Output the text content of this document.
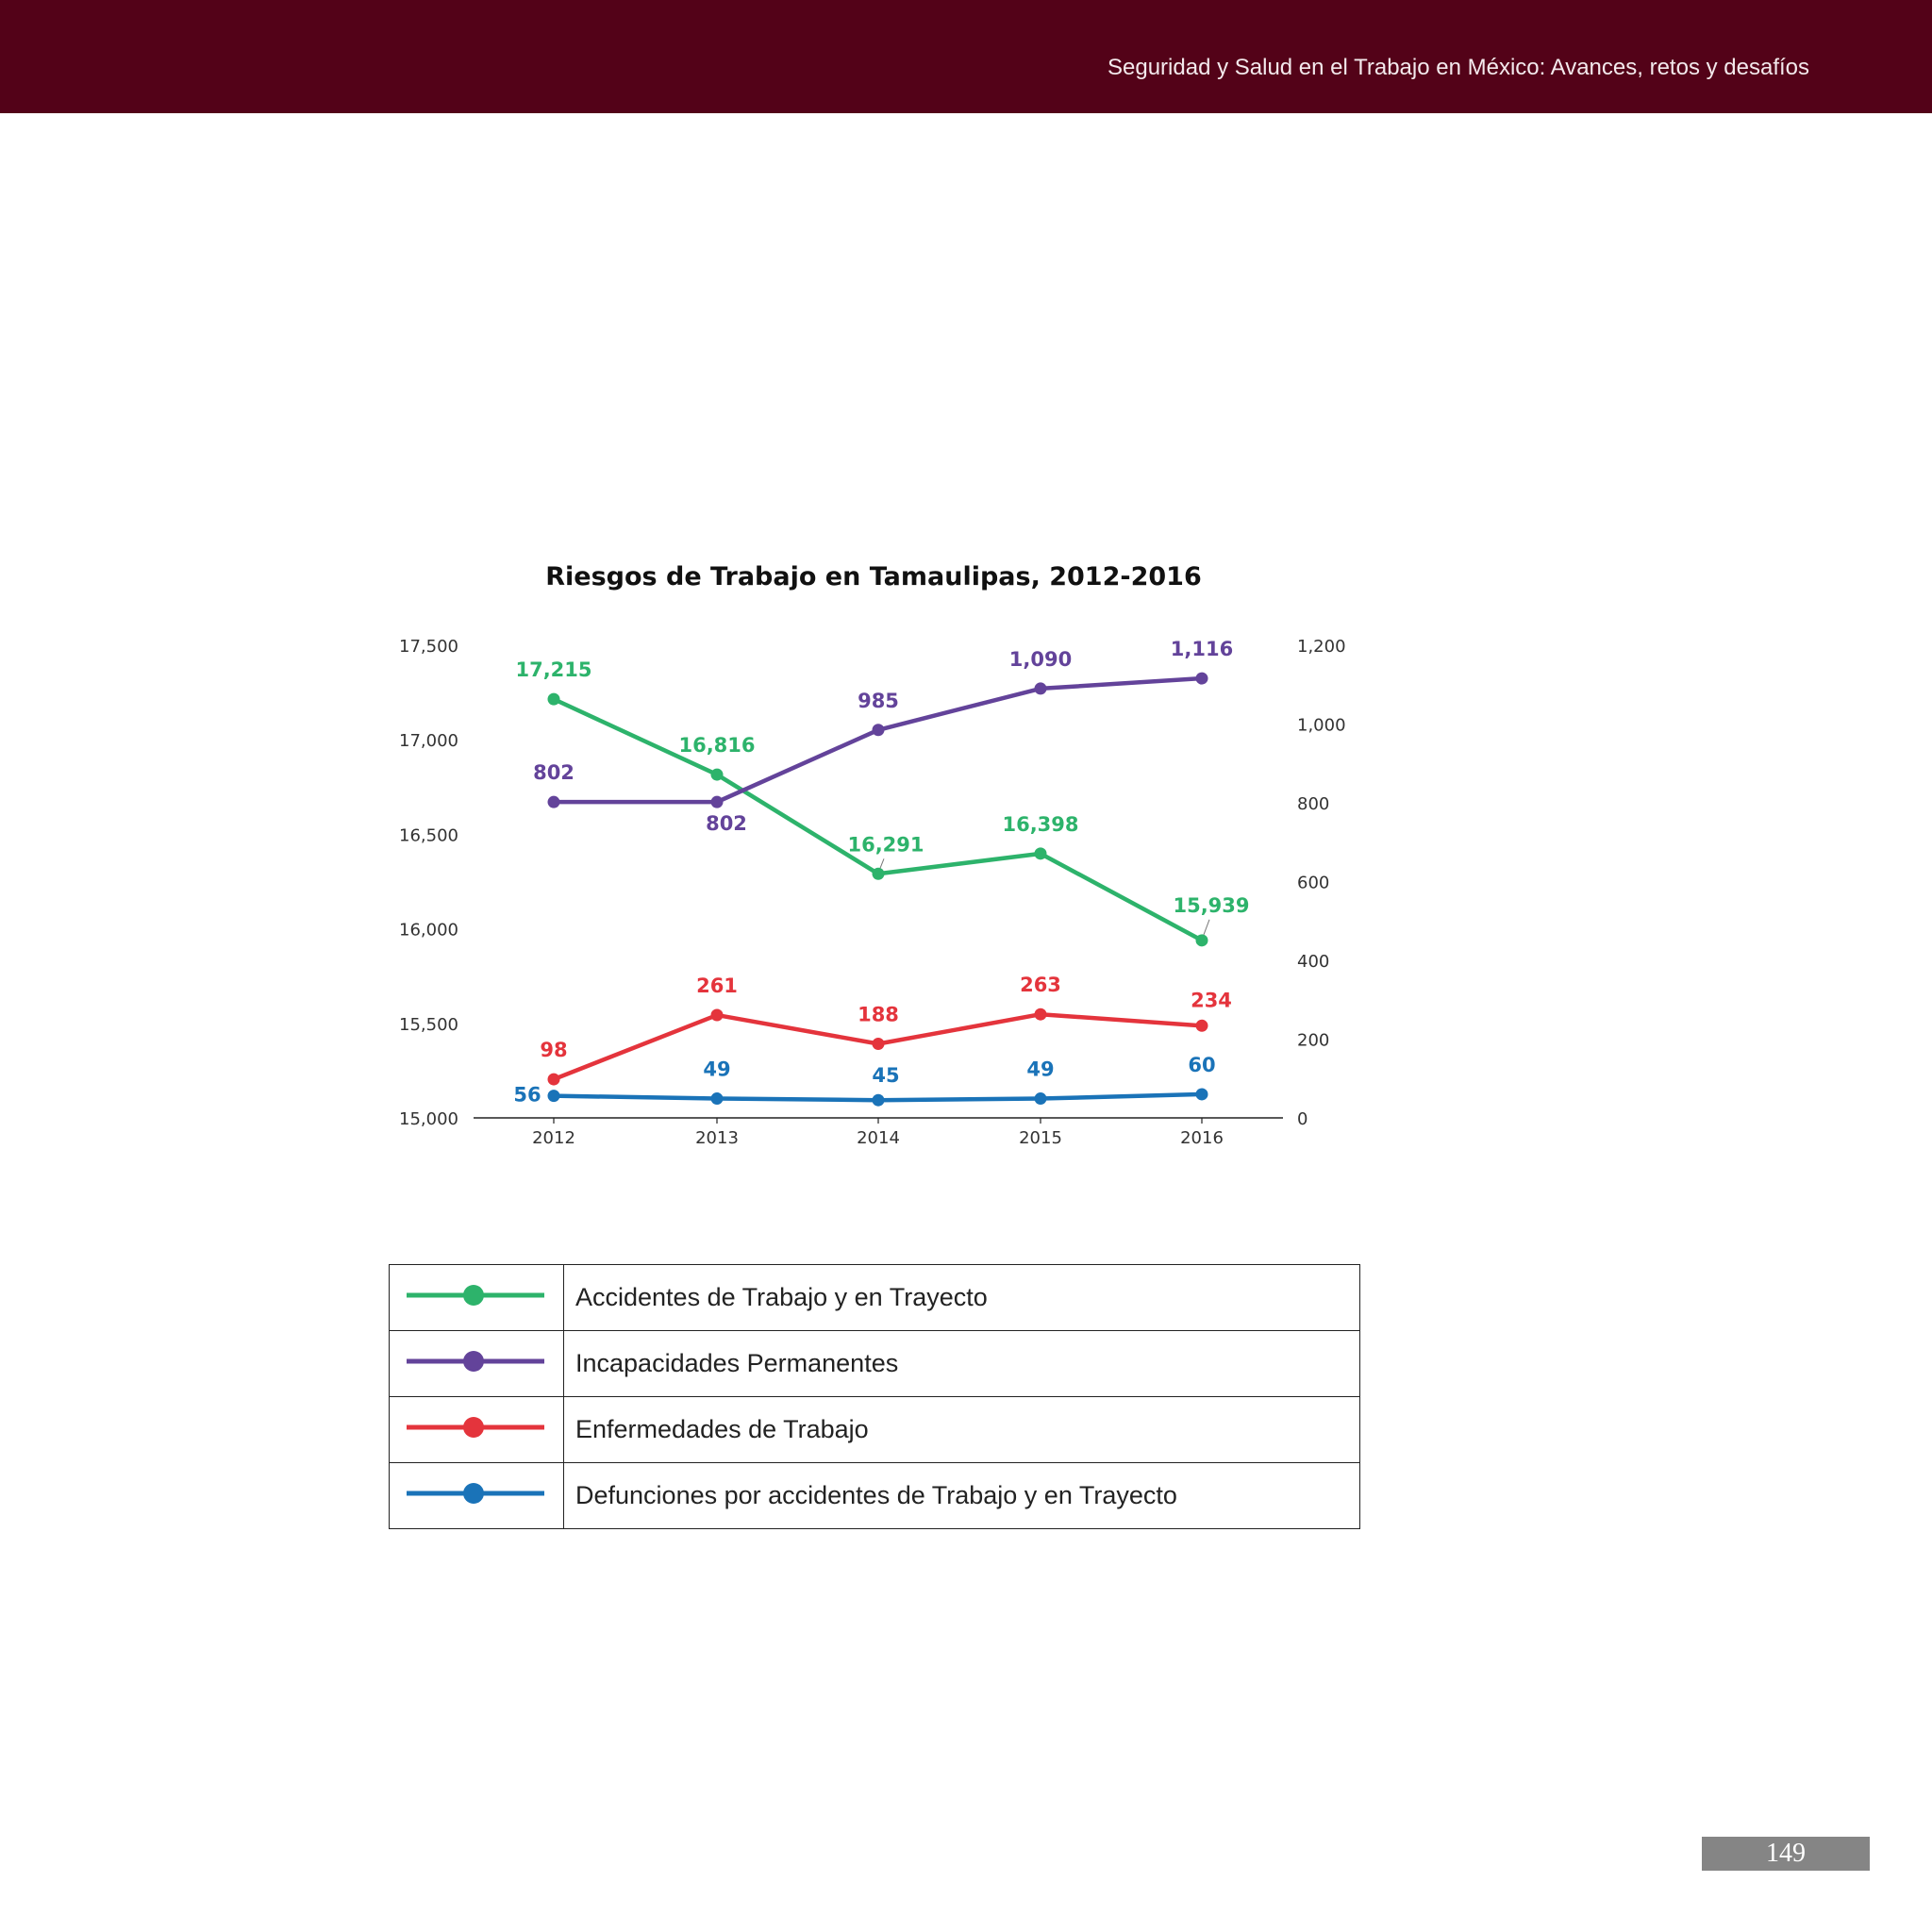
Seguridad y Salud en el Trabajo en México: Avances, retos y desafíos
Riesgos de Trabajo en Tamaulipas, 2012-2016
2012	2013	2014	2015	2016
15,000
15,500
16,000
16,500
17,000
17,500
0
200
400
600
800
1,000
1,200
17,215
16,816
16,291
16,398
15,939
802
802
985
1,090	1,116
98
261
188
263
234
56
49	45	49	60
	Accidentes de Trabajo y en Trayecto
	Incapacidades Permanentes
	Enfermedades de Trabajo
	Defunciones por accidentes de Trabajo y en Trayecto
149
